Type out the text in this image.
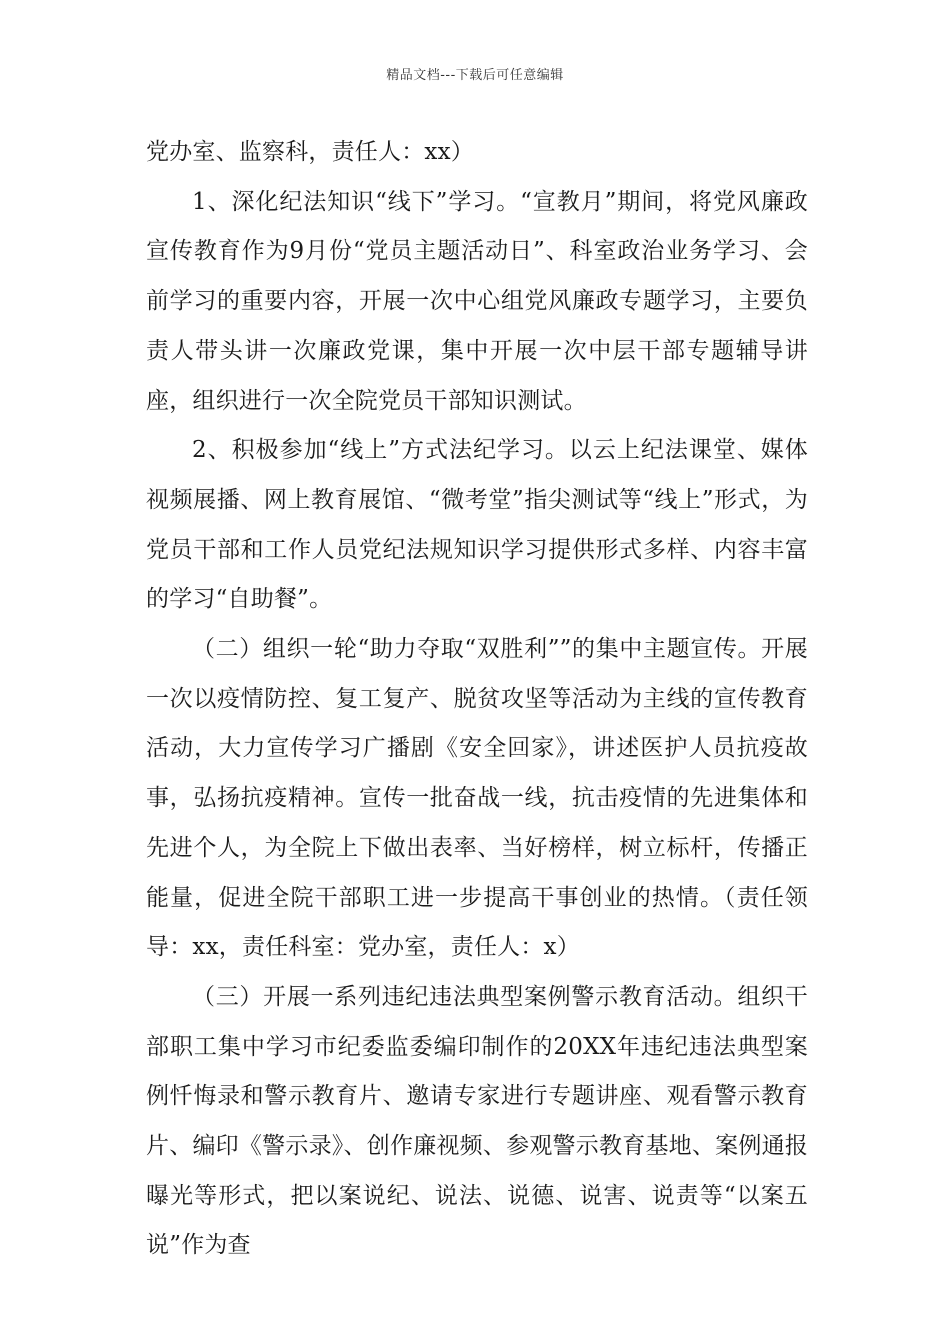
精品文档---下载后可任意编辑

党办室、监察科，责任人：xx）

1、深化纪法知识“线下”学习。“宣教月”期间，将党风廉政宣传教育作为9月份“党员主题活动日”、科室政治业务学习、会前学习的重要内容，开展一次中心组党风廉政专题学习，主要负责人带头讲一次廉政党课，集中开展一次中层干部专题辅导讲座，组织进行一次全院党员干部知识测试。

2、积极参加“线上”方式法纪学习。以云上纪法课堂、媒体视频展播、网上教育展馆、“微考堂”指尖测试等“线上”形式，为党员干部和工作人员党纪法规知识学习提供形式多样、内容丰富的学习“自助餐”。

（二）组织一轮“助力夺取“双胜利””的集中主题宣传。开展一次以疫情防控、复工复产、脱贫攻坚等活动为主线的宣传教育活动，大力宣传学习广播剧《安全回家》，讲述医护人员抗疫故事，弘扬抗疫精神。宣传一批奋战一线，抗击疫情的先进集体和先进个人，为全院上下做出表率、当好榜样，树立标杆，传播正能量，促进全院干部职工进一步提高干事创业的热情。（责任领导：xx，责任科室：党办室，责任人：x）

（三）开展一系列违纪违法典型案例警示教育活动。组织干部职工集中学习市纪委监委编印制作的20XX年违纪违法典型案例忏悔录和警示教育片、邀请专家进行专题讲座、观看警示教育片、编印《警示录》、创作廉视频、参观警示教育基地、案例通报曝光等形式，把以案说纪、说法、说德、说害、说责等“以案五说”作为查
